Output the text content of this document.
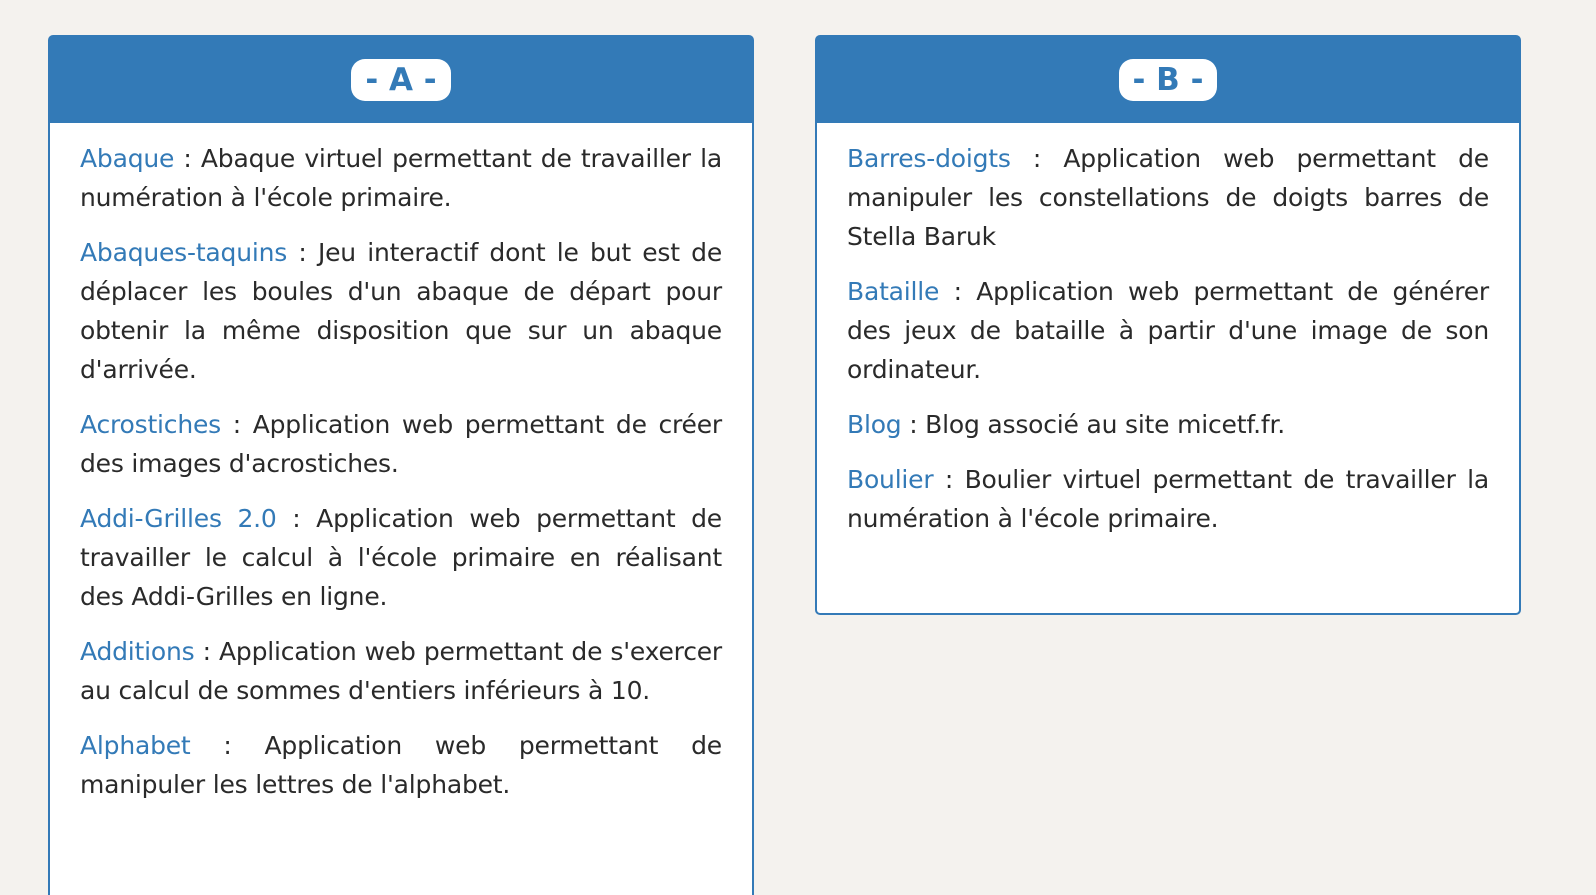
- A -

Abaque : Abaque virtuel permettant de travailler la numération à l'école primaire.

Abaques-taquins : Jeu interactif dont le but est de déplacer les boules d'un abaque de départ pour obtenir la même disposition que sur un abaque d'arrivée.

Acrostiches : Application web permettant de créer des images d'acrostiches.

Addi-Grilles 2.0 : Application web permettant de travailler le calcul à l'école primaire en réalisant des Addi-Grilles en ligne.

Additions : Application web permettant de s'exercer au calcul de sommes d'entiers inférieurs à 10.

Alphabet : Application web permettant de manipuler les lettres de l'alphabet.

- B -

Barres-doigts : Application web permettant de manipuler les constellations de doigts barres de Stella Baruk

Bataille : Application web permettant de générer des jeux de bataille à partir d'une image de son ordinateur.

Blog : Blog associé au site micetf.fr.

Boulier : Boulier virtuel permettant de travailler la numération à l'école primaire.
